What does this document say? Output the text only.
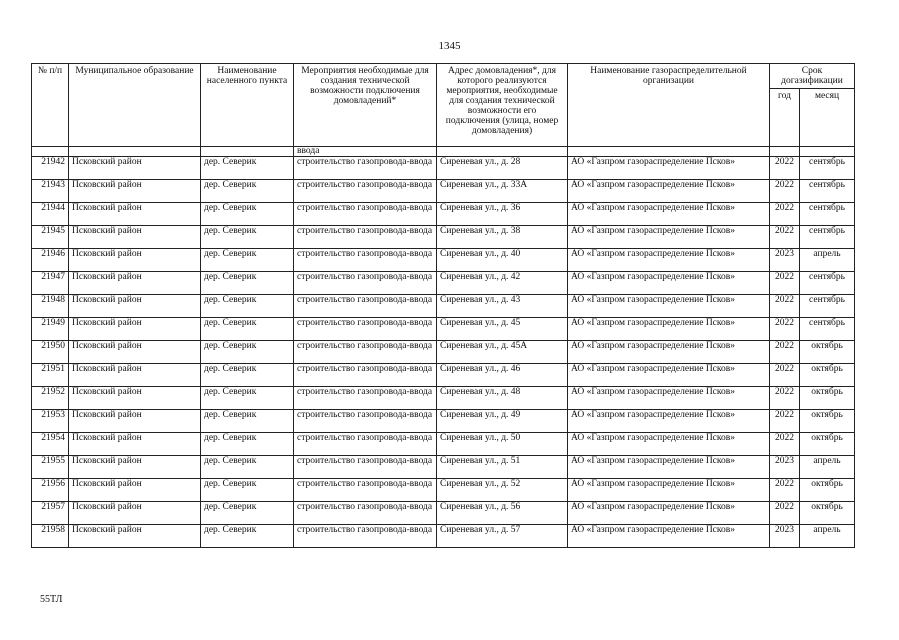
1345
№ п/п	Муниципальное образование	Наименование населенного пункта	Мероприятия необходимые для создания технической возможности подключения домовладений*	Адрес домовладения*, для которого реализуются мероприятия, необходимые для создания технической возможности его подключения (улица, номер домовладения)	Наименование газораспределительной организации	Срок догазификации	
						год	месяц
			ввода				
21942	Псковский район	дер. Северик	строительство газопровода-ввода	Сиреневая ул., д. 28	АО «Газпром газораспределение Псков»	2022	сентябрь
21943	Псковский район	дер. Северик	строительство газопровода-ввода	Сиреневая ул., д. 33А	АО «Газпром газораспределение Псков»	2022	сентябрь
21944	Псковский район	дер. Северик	строительство газопровода-ввода	Сиреневая ул., д. 36	АО «Газпром газораспределение Псков»	2022	сентябрь
21945	Псковский район	дер. Северик	строительство газопровода-ввода	Сиреневая ул., д. 38	АО «Газпром газораспределение Псков»	2022	сентябрь
21946	Псковский район	дер. Северик	строительство газопровода-ввода	Сиреневая ул., д. 40	АО «Газпром газораспределение Псков»	2023	апрель
21947	Псковский район	дер. Северик	строительство газопровода-ввода	Сиреневая ул., д. 42	АО «Газпром газораспределение Псков»	2022	сентябрь
21948	Псковский район	дер. Северик	строительство газопровода-ввода	Сиреневая ул., д. 43	АО «Газпром газораспределение Псков»	2022	сентябрь
21949	Псковский район	дер. Северик	строительство газопровода-ввода	Сиреневая ул., д. 45	АО «Газпром газораспределение Псков»	2022	сентябрь
21950	Псковский район	дер. Северик	строительство газопровода-ввода	Сиреневая ул., д. 45А	АО «Газпром газораспределение Псков»	2022	октябрь
21951	Псковский район	дер. Северик	строительство газопровода-ввода	Сиреневая ул., д. 46	АО «Газпром газораспределение Псков»	2022	октябрь
21952	Псковский район	дер. Северик	строительство газопровода-ввода	Сиреневая ул., д. 48	АО «Газпром газораспределение Псков»	2022	октябрь
21953	Псковский район	дер. Северик	строительство газопровода-ввода	Сиреневая ул., д. 49	АО «Газпром газораспределение Псков»	2022	октябрь
21954	Псковский район	дер. Северик	строительство газопровода-ввода	Сиреневая ул., д. 50	АО «Газпром газораспределение Псков»	2022	октябрь
21955	Псковский район	дер. Северик	строительство газопровода-ввода	Сиреневая ул., д. 51	АО «Газпром газораспределение Псков»	2023	апрель
21956	Псковский район	дер. Северик	строительство газопровода-ввода	Сиреневая ул., д. 52	АО «Газпром газораспределение Псков»	2022	октябрь
21957	Псковский район	дер. Северик	строительство газопровода-ввода	Сиреневая ул., д. 56	АО «Газпром газораспределение Псков»	2022	октябрь
21958	Псковский район	дер. Северик	строительство газопровода-ввода	Сиреневая ул., д. 57	АО «Газпром газораспределение Псков»	2023	апрель
55ТЛ
